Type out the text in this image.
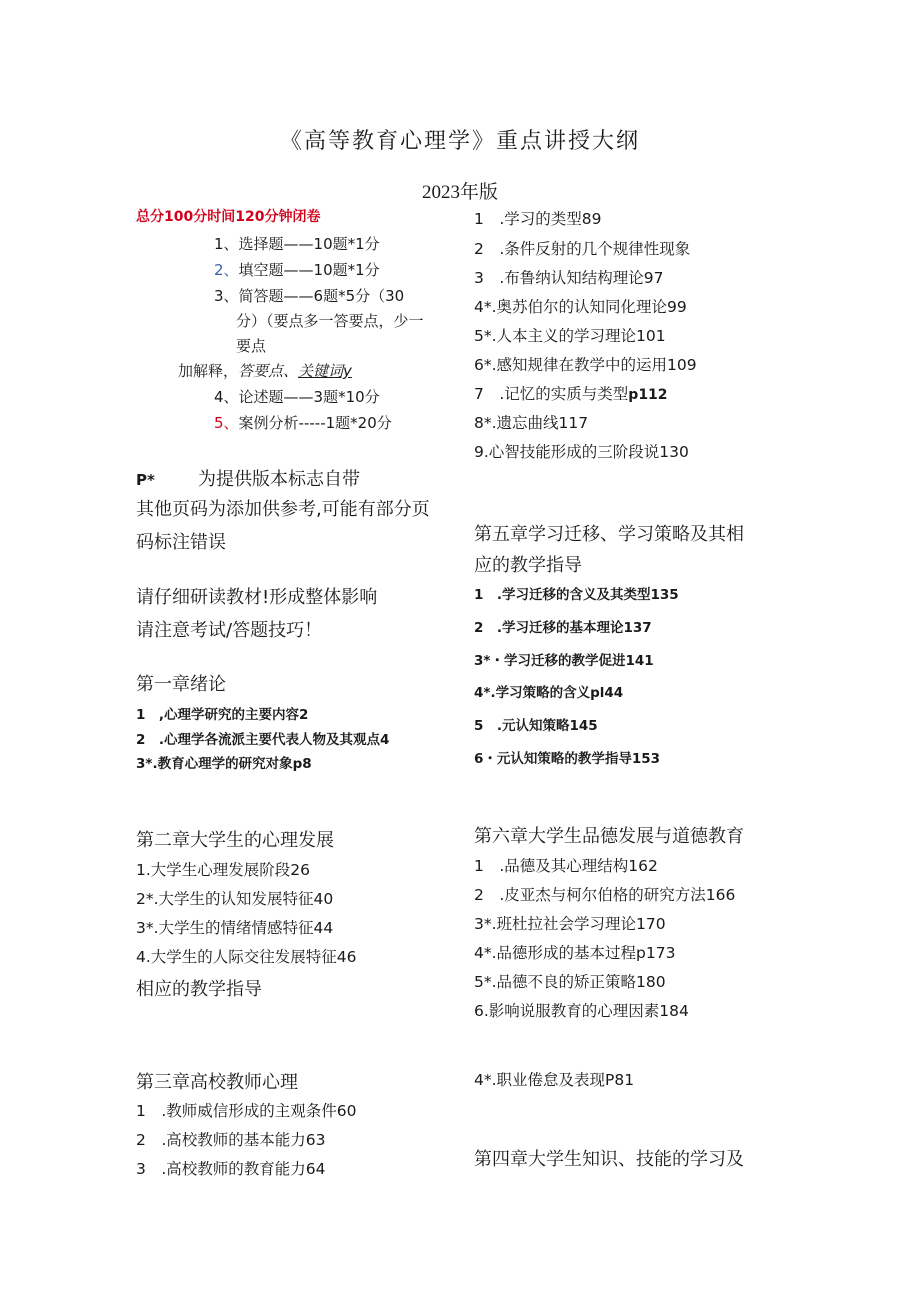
《高等教育心理学》重点讲授大纲
2023年版
总分100分时间120分钟闭卷
1、选择题——10题*1分
2、填空题——10题*1分
3、简答题——6题*5分（30
分）（要点多一答要点，少一
要点
加解释，答要点、关键词y
4、论述题——3题*10分
5、案例分析-----1题*20分
P* 为提供版本标志自带
其他页码为添加供参考,可能有部分页
码标注错误
请仔细研读教材!形成整体影响
请注意考试/答题技巧！
第一章绪论
1　,心理学研究的主要内容2
2　.心理学各流派主要代表人物及其观点4
3*.教育心理学的研究对象p8
第二章大学生的心理发展
1.大学生心理发展阶段26
2*.大学生的认知发展特征40
3*.大学生的情绪情感特征44
4.大学生的人际交往发展特征46
相应的教学指导
第三章高校教师心理
1　.教师威信形成的主观条件60
2　.高校教师的基本能力63
3　.高校教师的教育能力64
1　.学习的类型89
2　.条件反射的几个规律性现象
3　.布鲁纳认知结构理论97
4*.奥苏伯尔的认知同化理论99
5*.人本主义的学习理论101
6*.感知规律在教学中的运用109
7　.记忆的实质与类型p112
8*.遗忘曲线117
9.心智技能形成的三阶段说130
第五章学习迁移、学习策略及其相
应的教学指导
1　.学习迁移的含义及其类型135
2　.学习迁移的基本理论137
3*・学习迁移的教学促进141
4*.学习策略的含义pl44
5　.元认知策略145
6・元认知策略的教学指导153
第六章大学生品德发展与道德教育
1　.品德及其心理结构162
2　.皮亚杰与柯尔伯格的研究方法166
3*.班杜拉社会学习理论170
4*.品德形成的基本过程p173
5*.品德不良的矫正策略180
6.影响说服教育的心理因素184
4*.职业倦怠及表现P81
第四章大学生知识、技能的学习及
